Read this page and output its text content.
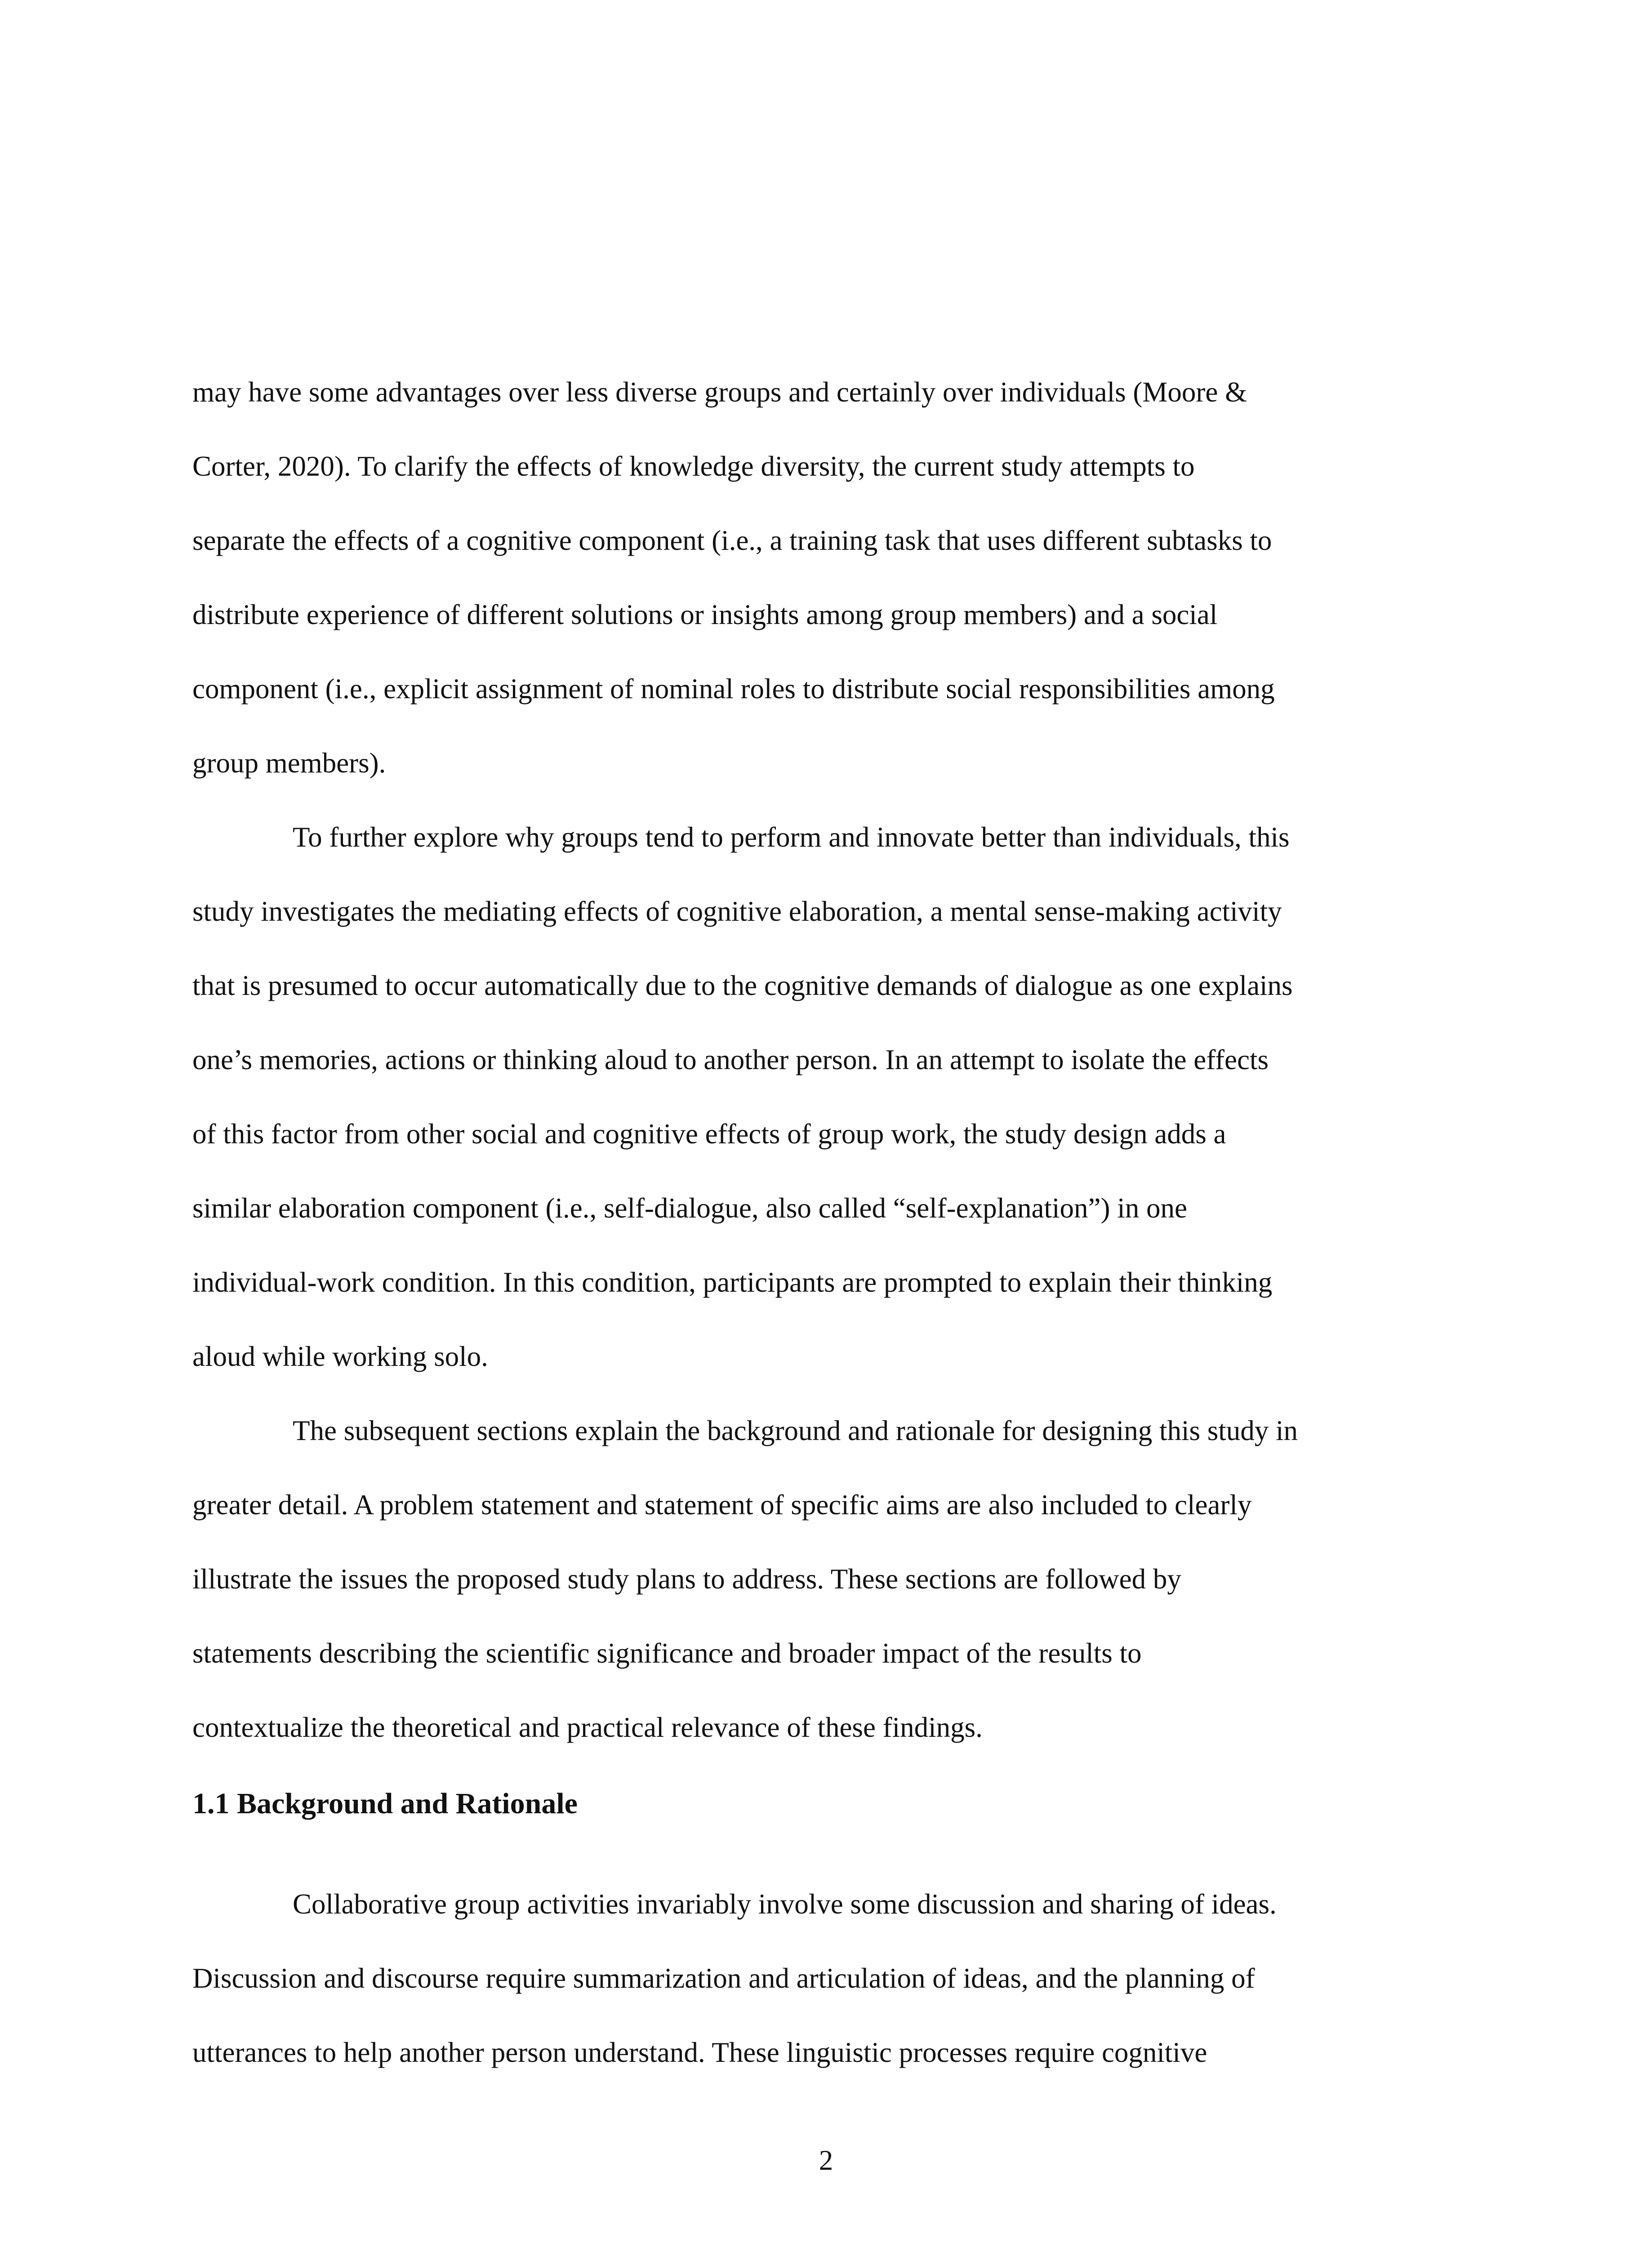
may have some advantages over less diverse groups and certainly over individuals (Moore &
Corter, 2020). To clarify the effects of knowledge diversity, the current study attempts to
separate the effects of a cognitive component (i.e., a training task that uses different subtasks to
distribute experience of different solutions or insights among group members) and a social
component (i.e., explicit assignment of nominal roles to distribute social responsibilities among
group members).
To further explore why groups tend to perform and innovate better than individuals, this
study investigates the mediating effects of cognitive elaboration, a mental sense-making activity
that is presumed to occur automatically due to the cognitive demands of dialogue as one explains
one’s memories, actions or thinking aloud to another person. In an attempt to isolate the effects
of this factor from other social and cognitive effects of group work, the study design adds a
similar elaboration component (i.e., self-dialogue, also called “self-explanation”) in one
individual-work condition. In this condition, participants are prompted to explain their thinking
aloud while working solo.
The subsequent sections explain the background and rationale for designing this study in
greater detail. A problem statement and statement of specific aims are also included to clearly
illustrate the issues the proposed study plans to address. These sections are followed by
statements describing the scientific significance and broader impact of the results to
contextualize the theoretical and practical relevance of these findings.
1.1 Background and Rationale
Collaborative group activities invariably involve some discussion and sharing of ideas.
Discussion and discourse require summarization and articulation of ideas, and the planning of
utterances to help another person understand. These linguistic processes require cognitive
2
